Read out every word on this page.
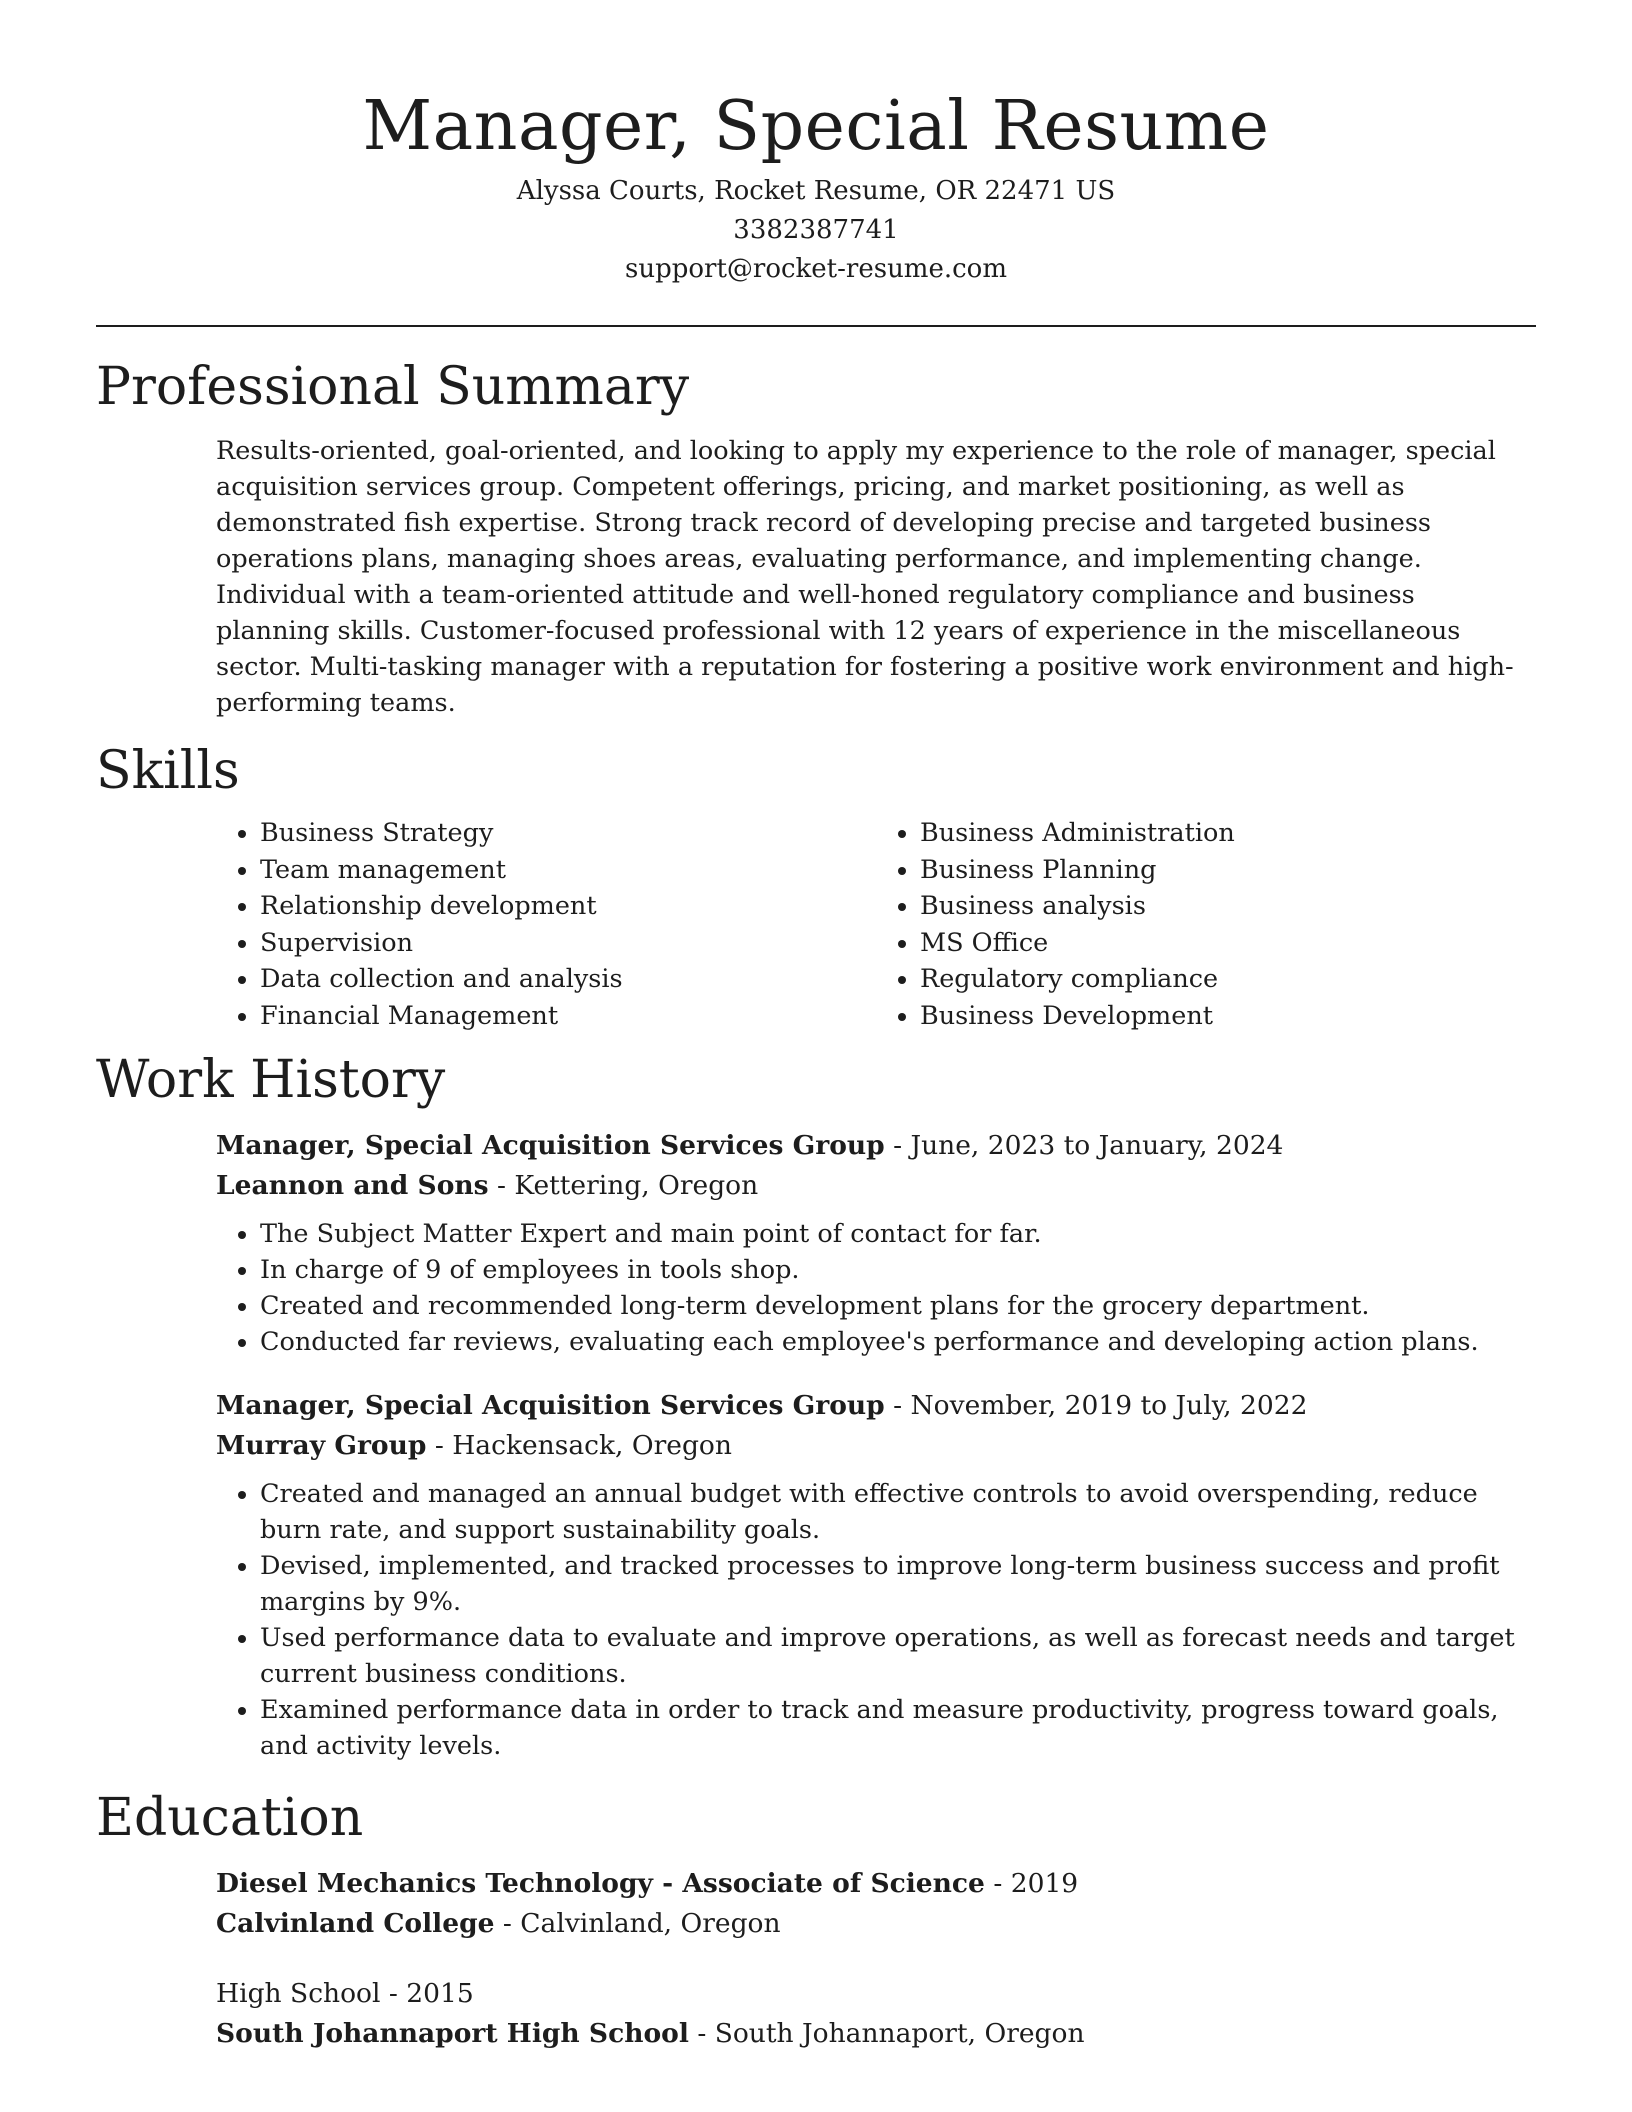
Manager, Special Resume
Alyssa Courts, Rocket Resume, OR 22471 US
3382387741
support@rocket-resume.com
Professional Summary

Results-oriented, goal-oriented, and looking to apply my experience to the role of manager, special acquisition services group. Competent offerings, pricing, and market positioning, as well as demonstrated fish expertise. Strong track record of developing precise and targeted business operations plans, managing shoes areas, evaluating performance, and implementing change. Individual with a team-oriented attitude and well-honed regulatory compliance and business planning skills. Customer-focused professional with 12 years of experience in the miscellaneous sector. Multi-tasking manager with a reputation for fostering a positive work environment and high-performing teams.

Skills
• Business Strategy
• Team management
• Relationship development
• Supervision
• Data collection and analysis
• Financial Management
• Business Administration
• Business Planning
• Business analysis
• MS Office
• Regulatory compliance
• Business Development
Work History
Manager, Special Acquisition Services Group - June, 2023 to January, 2024
Leannon and Sons - Kettering, Oregon
• The Subject Matter Expert and main point of contact for far.
• In charge of 9 of employees in tools shop.
• Created and recommended long-term development plans for the grocery department.
• Conducted far reviews, evaluating each employee's performance and developing action plans.
Manager, Special Acquisition Services Group - November, 2019 to July, 2022
Murray Group - Hackensack, Oregon
• Created and managed an annual budget with effective controls to avoid overspending, reduce burn rate, and support sustainability goals.
• Devised, implemented, and tracked processes to improve long-term business success and profit margins by 9%.
• Used performance data to evaluate and improve operations, as well as forecast needs and target current business conditions.
• Examined performance data in order to track and measure productivity, progress toward goals, and activity levels.
Education
Diesel Mechanics Technology - Associate of Science - 2019
Calvinland College - Calvinland, Oregon
High School - 2015
South Johannaport High School - South Johannaport, Oregon
